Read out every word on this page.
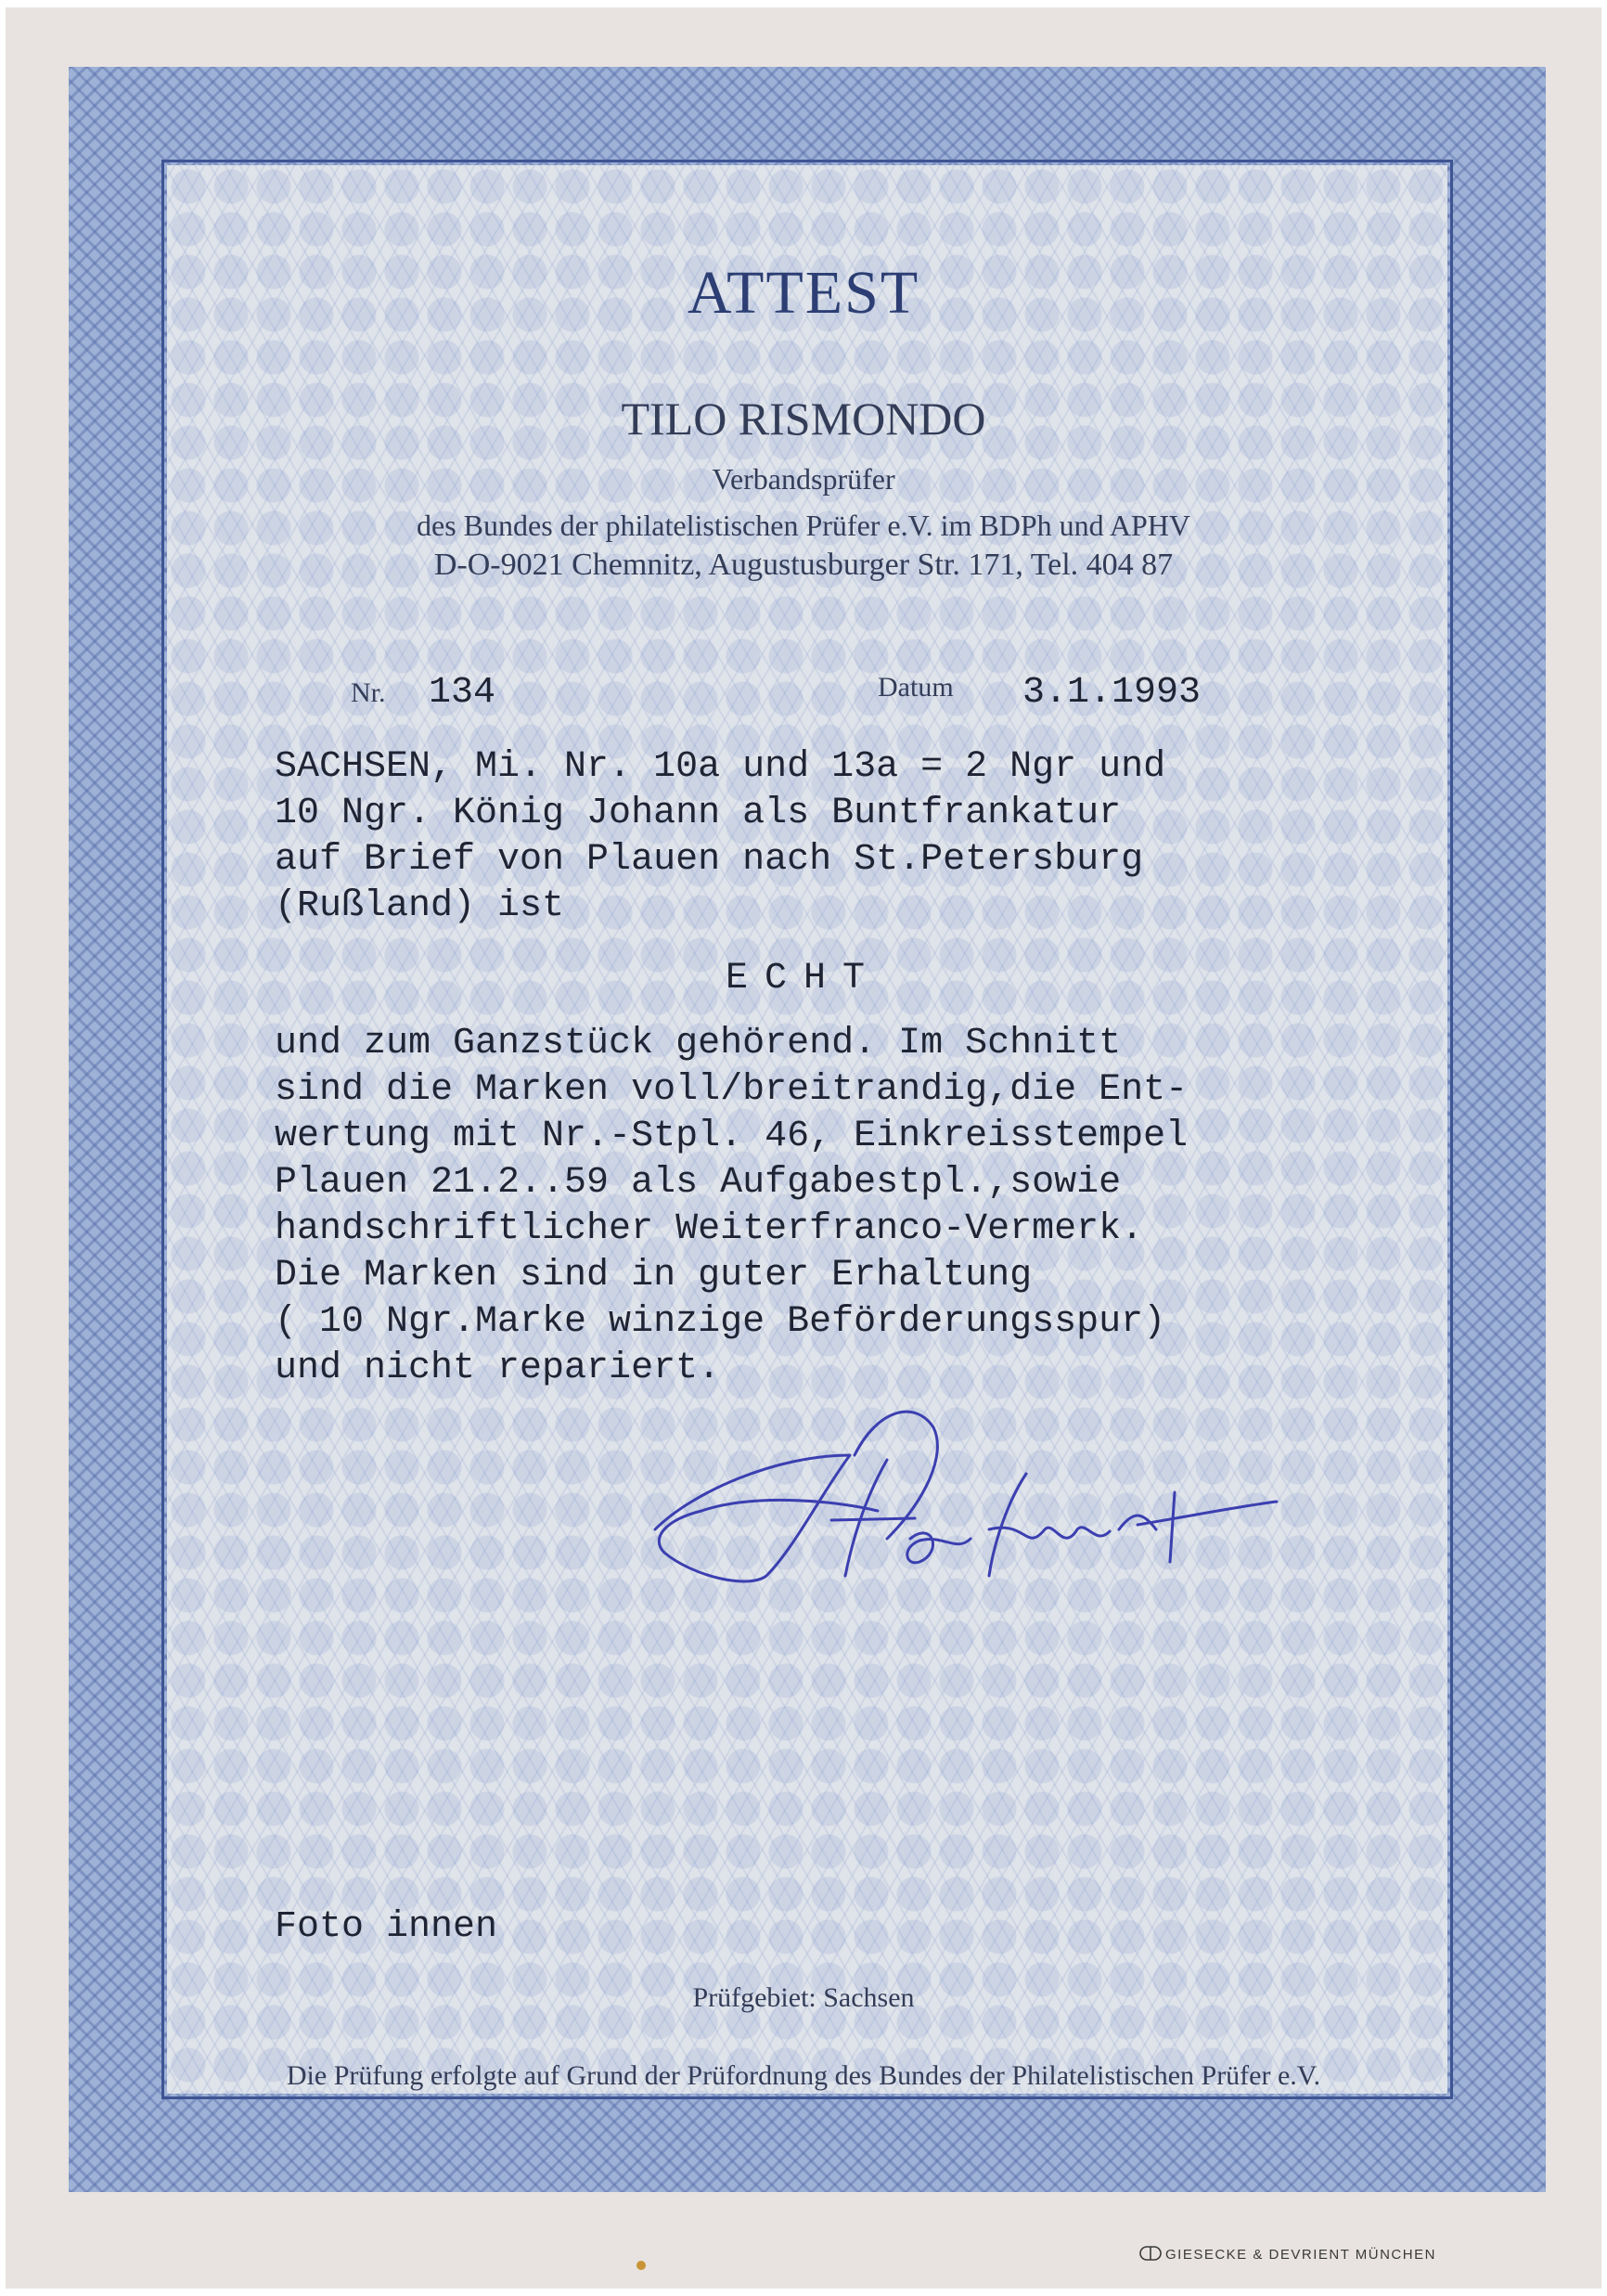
ATTEST
TILO RISMONDO
Verbandsprüfer
des Bundes der philatelistischen Prüfer e.V. im BDPh und APHV
D-O-9021 Chemnitz, Augustusburger Str. 171, Tel. 404 87
Nr. 134	Datum 3.1.1993
SACHSEN, Mi. Nr. 10a und 13a = 2 Ngr und
10 Ngr. König Johann als Buntfrankatur
auf Brief von Plauen nach St.Petersburg
(Rußland) ist
ECHT
und zum Ganzstück gehörend. Im Schnitt
sind die Marken voll/breitrandig,die Ent-
wertung mit Nr.-Stpl. 46, Einkreisstempel
Plauen 21.2..59 als Aufgabestpl.,sowie
handschriftlicher Weiterfranco-Vermerk.
Die Marken sind in guter Erhaltung
( 10 Ngr.Marke winzige Beförderungsspur)
und nicht repariert.
Foto innen
Prüfgebiet: Sachsen
Die Prüfung erfolgte auf Grund der Prüfordnung des Bundes der Philatelistischen Prüfer e.V.
GIESECKE & DEVRIENT MÜNCHEN
